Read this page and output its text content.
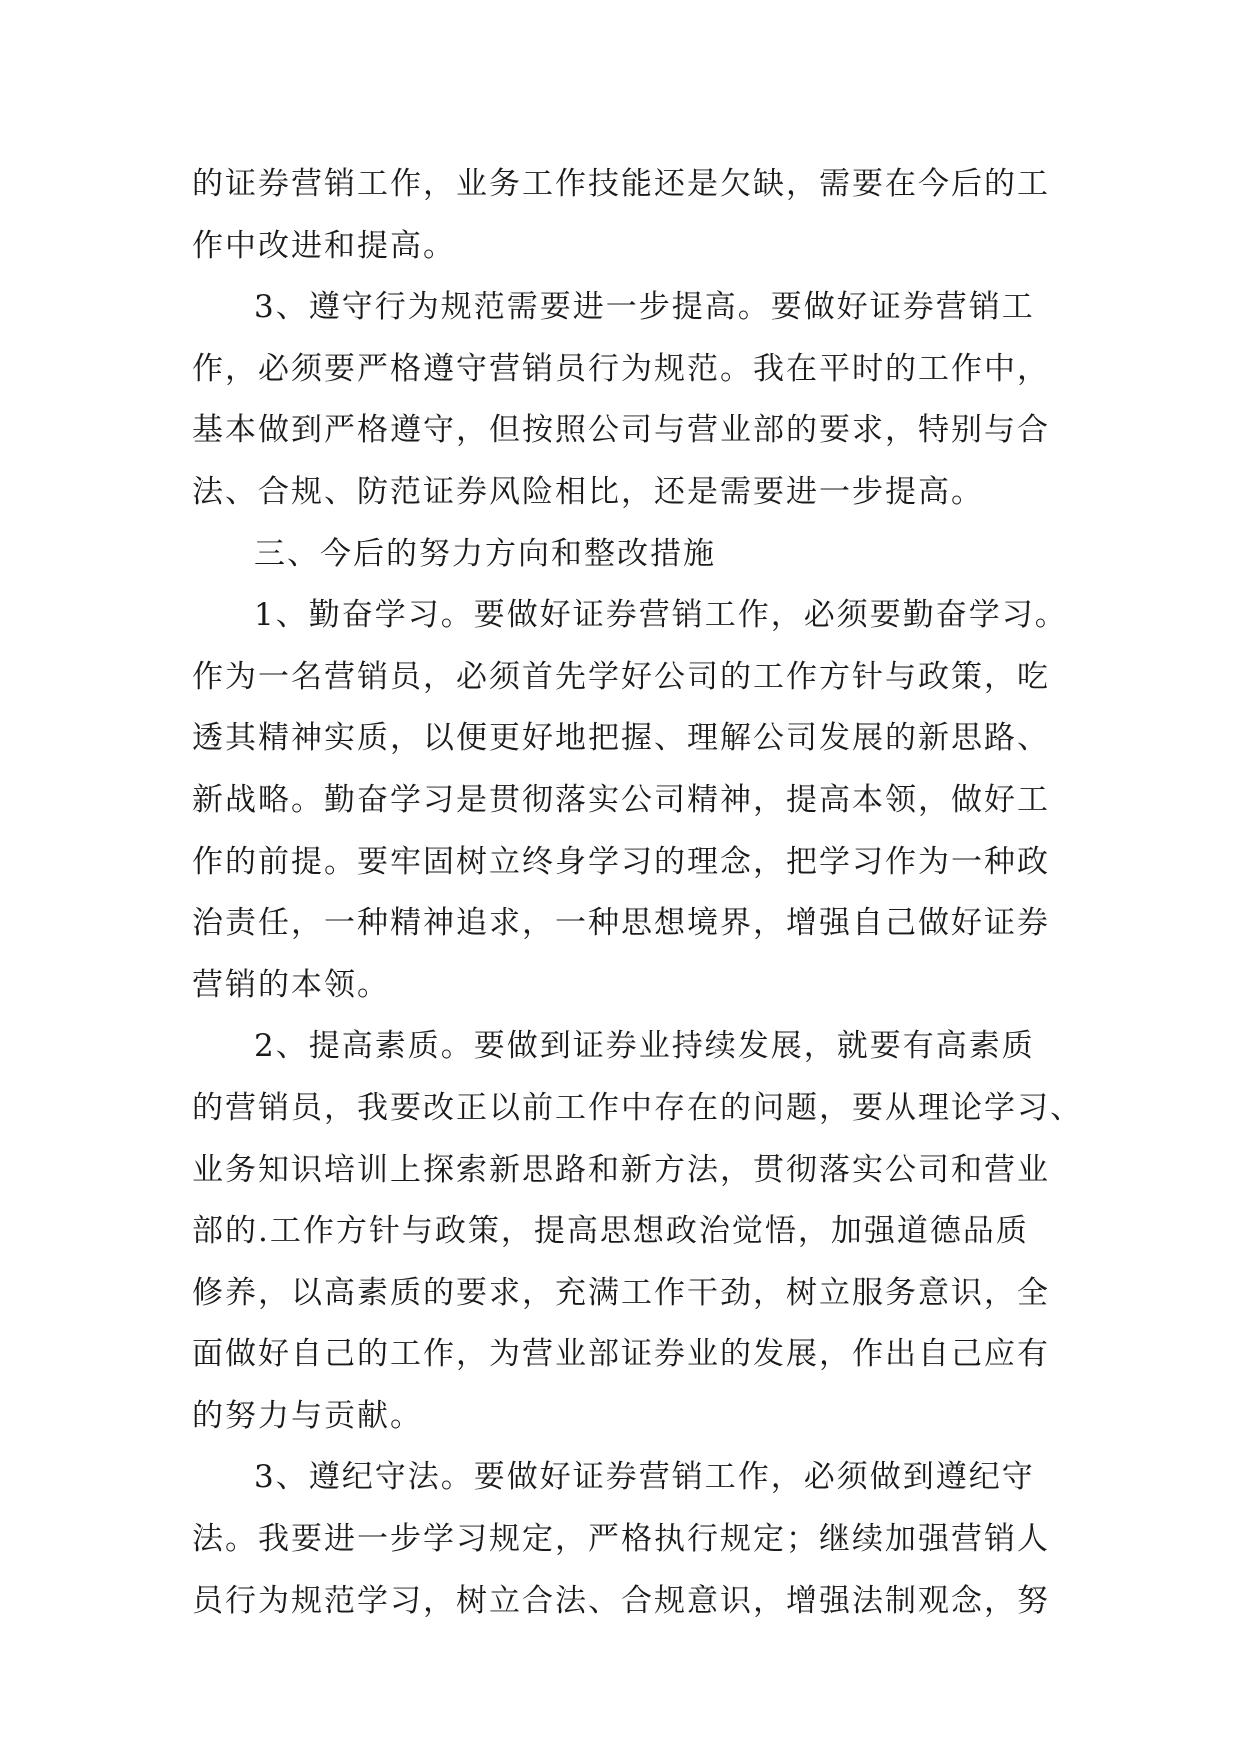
的证券营销工作，业务工作技能还是欠缺，需要在今后的工
作中改进和提高。
3、遵守行为规范需要进一步提高。要做好证券营销工
作，必须要严格遵守营销员行为规范。我在平时的工作中，
基本做到严格遵守，但按照公司与营业部的要求，特别与合
法、合规、防范证券风险相比，还是需要进一步提高。
三、今后的努力方向和整改措施
1、勤奋学习。要做好证券营销工作，必须要勤奋学习。
作为一名营销员，必须首先学好公司的工作方针与政策，吃
透其精神实质，以便更好地把握、理解公司发展的新思路、
新战略。勤奋学习是贯彻落实公司精神，提高本领，做好工
作的前提。要牢固树立终身学习的理念，把学习作为一种政
治责任，一种精神追求，一种思想境界，增强自己做好证券
营销的本领。
2、提高素质。要做到证券业持续发展，就要有高素质
的营销员，我要改正以前工作中存在的问题，要从理论学习、
业务知识培训上探索新思路和新方法，贯彻落实公司和营业
部的.工作方针与政策，提高思想政治觉悟，加强道德品质
修养，以高素质的要求，充满工作干劲，树立服务意识，全
面做好自己的工作，为营业部证券业的发展，作出自己应有
的努力与贡献。
3、遵纪守法。要做好证券营销工作，必须做到遵纪守
法。我要进一步学习规定，严格执行规定；继续加强营销人
员行为规范学习，树立合法、合规意识，增强法制观念，努
